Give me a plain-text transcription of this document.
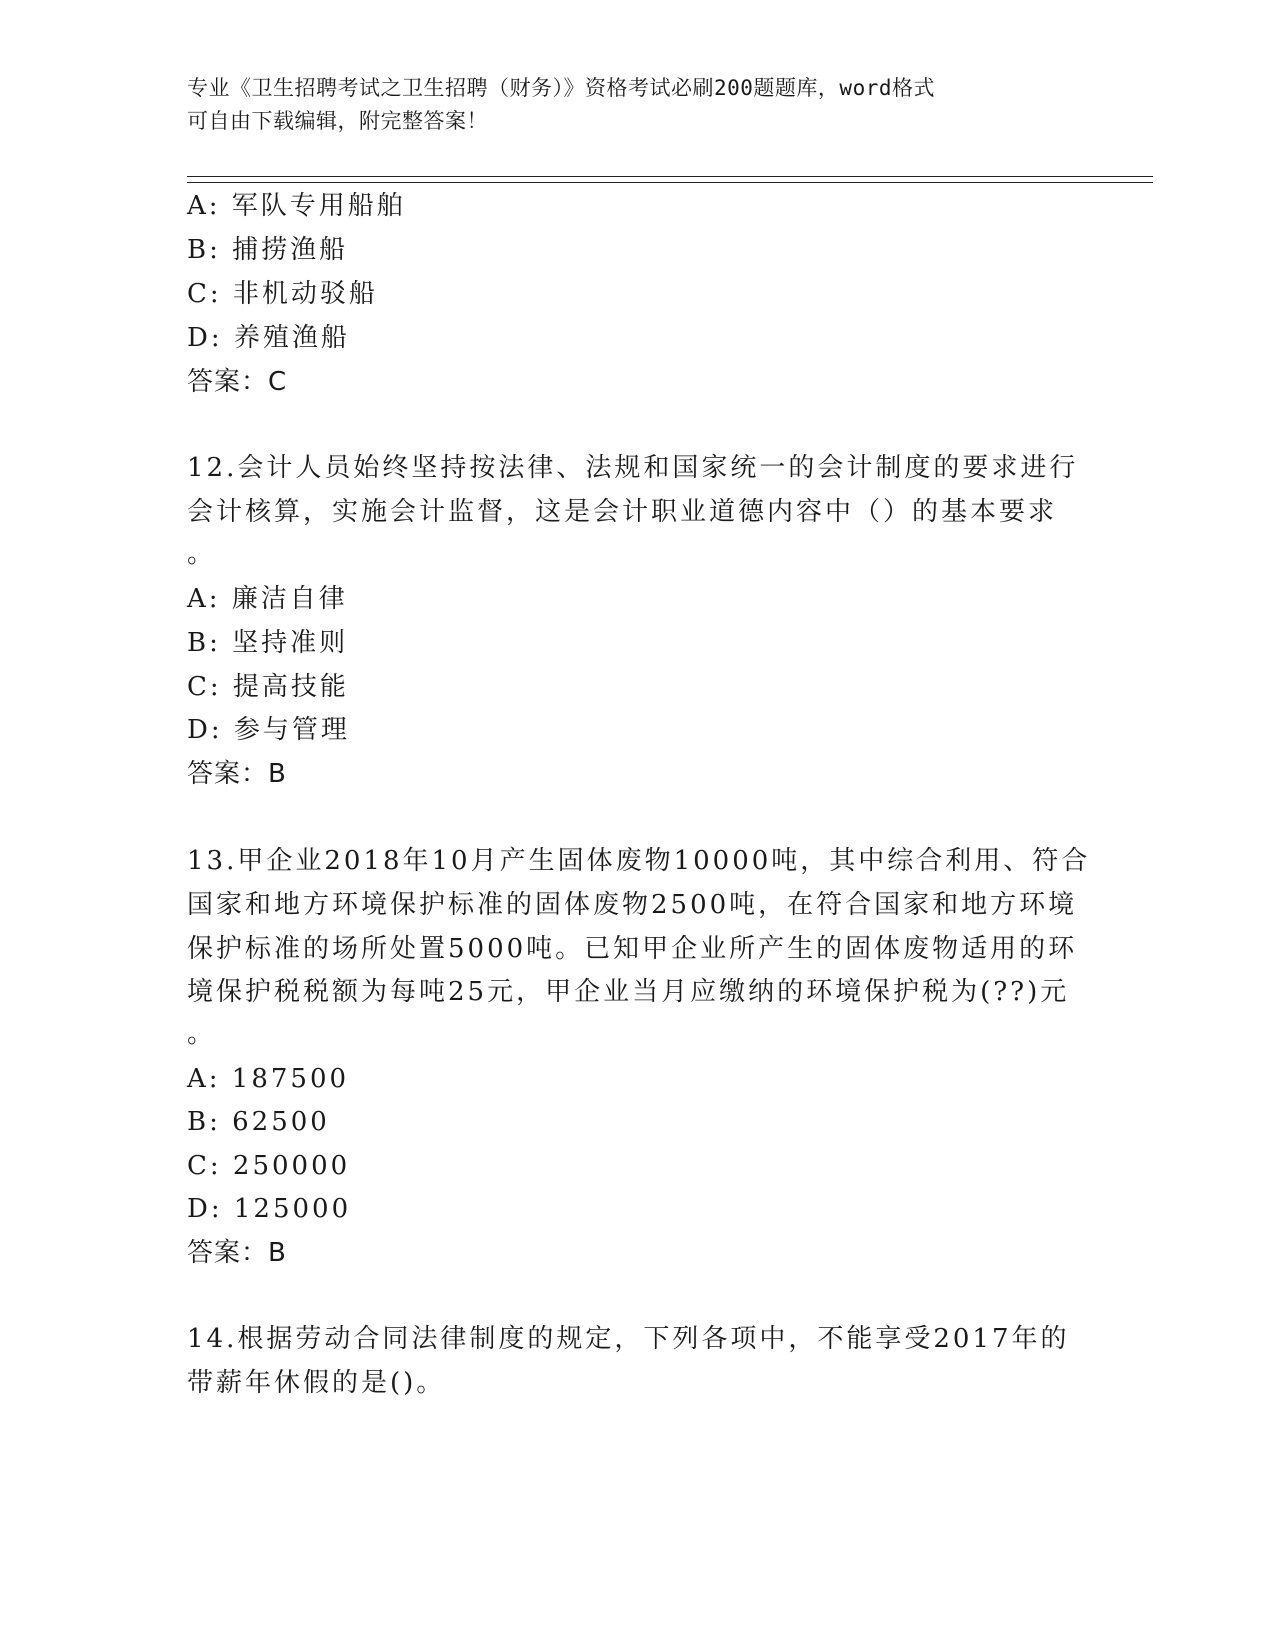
专业《卫生招聘考试之卫生招聘（财务）》资格考试必刷200题题库，word格式
可自由下载编辑，附完整答案！
A: 军队专用船舶
B: 捕捞渔船
C: 非机动驳船
D: 养殖渔船
答案：C
12.会计人员始终坚持按法律、法规和国家统一的会计制度的要求进行
会计核算，实施会计监督，这是会计职业道德内容中（）的基本要求
。
A: 廉洁自律
B: 坚持准则
C: 提高技能
D: 参与管理
答案：B
13.甲企业2018年10月产生固体废物10000吨，其中综合利用、符合
国家和地方环境保护标准的固体废物2500吨，在符合国家和地方环境
保护标准的场所处置5000吨。已知甲企业所产生的固体废物适用的环
境保护税税额为每吨25元，甲企业当月应缴纳的环境保护税为(??)元
。
A: 187500
B: 62500
C: 250000
D: 125000
答案：B
14.根据劳动合同法律制度的规定，下列各项中，不能享受2017年的
带薪年休假的是()。
